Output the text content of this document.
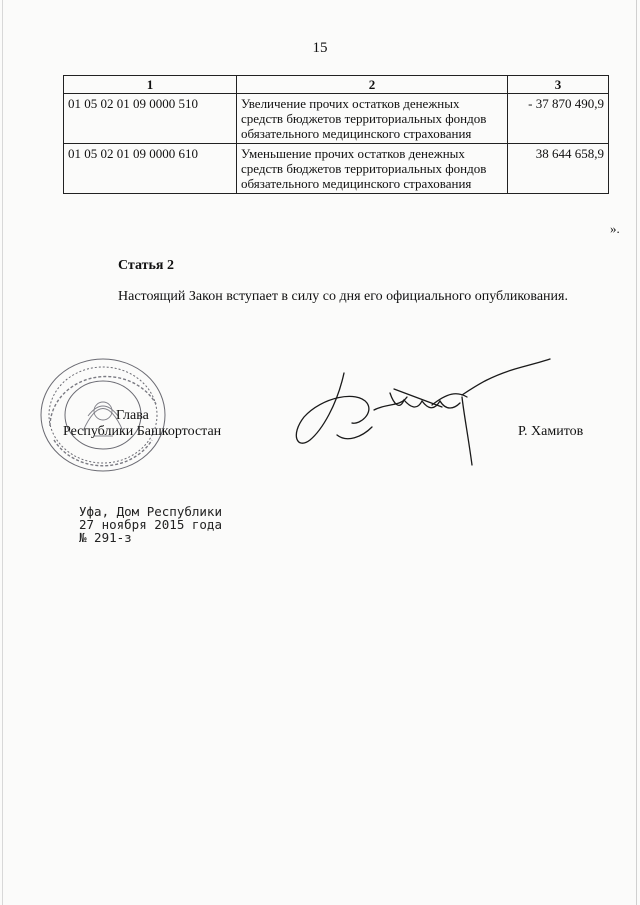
15
1	2	3
01 05 02 01 09 0000 510	Увеличение прочих остатков денежных средств бюджетов территориальных фондов обязательного медицинского страхования	- 37 870 490,9
01 05 02 01 09 0000 610	Уменьшение прочих остатков денежных средств бюджетов территориальных фондов обязательного медицинского страхования	38 644 658,9
».
Статья 2
Настоящий Закон вступает в силу со дня его официального опубликования.
Глава
Республики Башкортостан	Р. Хамитов
Уфа, Дом Республики
27 ноября 2015 года
№ 291-з
